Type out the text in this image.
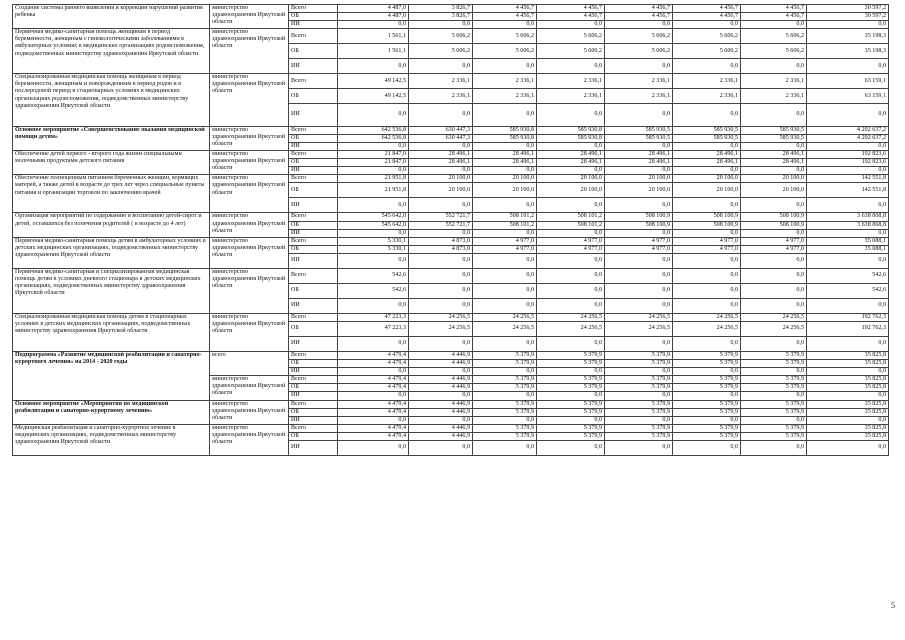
Создание системы раннего выявления и коррекции нарушений развития ребенка	министерство здравоохранения Иркутской области	Всего	4 487,0	3 826,7	4 456,7	4 456,7	4 456,7	4 456,7	4 456,7	30 597,2
		ОБ	4 487,0	3 826,7	4 456,7	4 456,7	4 456,7	4 456,7	4 456,7	30 597,2
		ИИ	0,0	0,0	0,0	0,0	0,0	0,0	0,0	0,0
Первичная медико-санитарная помощь женщинам в период беременности, женщинам с гинекологическими заболеваниями в амбулаторных условиях в медицинских организациях родовспоможения, подведомственных министерству здравоохранения Иркутской области	министерство здравоохранения Иркутской области	Всего	1 561,1	5 606,2	5 606,2	5 606,2	5 606,2	5 606,2	5 606,2	35 198,3
		ОБ	1 561,1	5 606,2	5 606,2	5 606,2	5 606,2	5 606,2	5 606,2	35 198,3
		ИИ	0,0	0,0	0,0	0,0	0,0	0,0	0,0	0,0
Специализированная медицинская помощь женщинам в период беременности, женщинам и новорожденным в период родов и в послеродовой период в стационарных условиях в медицинских организациях родовспоможения, подведомственных министерству здравоохранения Иркутской области	министерство здравоохранения Иркутской области	Всего	49 142,5	2 336,1	2 336,1	2 336,1	2 336,1	2 336,1	2 336,1	63 159,1
		ОБ	49 142,5	2 336,1	2 336,1	2 336,1	2 336,1	2 336,1	2 336,1	63 159,1
		ИИ	0,0	0,0	0,0	0,0	0,0	0,0	0,0	0,0
Основное мероприятие «Совершенствование оказания медицинской помощи детям»	министерство здравоохранения Иркутской области	Всего	642 536,8	630 447,3	585 930,8	585 930,8	585 930,5	585 930,5	585 930,5	4 202 637,2
		ОБ	642 536,8	630 447,3	585 930,8	585 930,8	585 930,5	585 930,5	585 930,5	4 202 637,2
		ИИ	0,0	0,0	0,0	0,0	0,0	0,0	0,0	0,0
Обеспечение детей первого - второго года жизни специальными молочными продуктами детского питания	министерство здравоохранения Иркутской области	Всего	21 847,0	28 496,1	28 496,1	28 496,1	28 496,1	28 496,1	28 496,1	192 823,6
		ОБ	21 847,0	28 496,1	28 496,1	28 496,1	28 496,1	28 496,1	28 496,1	192 823,6
		ИИ	0,0	0,0	0,0	0,0	0,0	0,0	0,0	0,0
Обеспечение полноценным питанием беременных женщин, кормящих матерей, а также детей в возрасте до трех лет через специальные пункты питания и организации торговли по заключению врачей	министерство здравоохранения Иркутской области	Всего	21 951,8	20 100,0	20 100,0	20 100,0	20 100,0	20 100,0	20 100,0	142 551,8
		ОБ	21 951,8	20 100,0	20 100,0	20 100,0	20 100,0	20 100,0	20 100,0	142 551,8
		ИИ	0,0	0,0	0,0	0,0	0,0	0,0	0,0	0,0
Организация мероприятий по содержанию и воспитанию детей-сирот и детей, оставшихся без попечения родителей ( в возрасте до 4 лет)	министерство здравоохранения Иркутской области	Всего	545 642,0	552 721,7	508 101,2	508 101,2	508 100,9	508 100,9	508 100,9	3 638 868,8
		ОБ	545 642,0	552 721,7	508 101,2	508 101,2	508 100,9	508 100,9	508 100,9	3 638 868,8
		ИИ	0,0	0,0	0,0	0,0	0,0	0,0	0,0	0,0
Первичная медико-санитарная помощь детям в амбулаторных условиях в детских медицинских организациях, подведомственных министерству здравоохранения Иркутской области	министерство здравоохранения Иркутской области	Всего	5 330,1	4 873,0	4 977,0	4 977,0	4 977,0	4 977,0	4 977,0	35 088,1
		ОБ	5 330,1	4 873,0	4 977,0	4 977,0	4 977,0	4 977,0	4 977,0	35 088,1
		ИИ	0,0	0,0	0,0	0,0	0,0	0,0	0,0	0,0
Первичная медико-санитарная и специализированная медицинская помощь детям в условиях дневного стационара в детских медицинских организациях, подведомственных министерству здравоохранения Иркутской области	министерство здравоохранения Иркутской области	Всего	542,6	0,0	0,0	0,0	0,0	0,0	0,0	542,6
		ОБ	542,6	0,0	0,0	0,0	0,0	0,0	0,0	542,6
		ИИ	0,0	0,0	0,0	0,0	0,0	0,0	0,0	0,0
Специализированная медицинская помощь детям в стационарных условиях в детских медицинских организациях, подведомственных министерству здравоохранения Иркутской области	министерство здравоохранения Иркутской области	Всего	47 223,3	24 256,5	24 256,5	24 256,5	24 256,5	24 256,5	24 256,5	192 762,3
		ОБ	47 223,3	24 256,5	24 256,5	24 256,5	24 256,5	24 256,5	24 256,5	192 762,3
		ИИ	0,0	0,0	0,0	0,0	0,0	0,0	0,0	0,0
Подпрограмма «Развитие медицинской реабилитации и санаторно-курортного лечения» на 2014 - 2020 годы	всего	Всего	4 479,4	4 446,9	5 379,9	5 379,9	5 379,9	5 379,9	5 379,9	35 825,8
		ОБ	4 479,4	4 446,9	5 379,9	5 379,9	5 379,9	5 379,9	5 379,9	35 825,8
		ИИ	0,0	0,0	0,0	0,0	0,0	0,0	0,0	0,0
	министерство здравоохранения Иркутской области	Всего	4 479,4	4 446,9	5 379,9	5 379,9	5 379,9	5 379,9	5 379,9	35 825,8
		ОБ	4 479,4	4 446,9	5 379,9	5 379,9	5 379,9	5 379,9	5 379,9	35 825,8
		ИИ	0,0	0,0	0,0	0,0	0,0	0,0	0,0	0,0
Основное мероприятие «Мероприятия по медицинской реабилитации и санаторно-курортному лечению»	министерство здравоохранения Иркутской области	Всего	4 479,4	4 446,9	5 379,9	5 379,9	5 379,9	5 379,9	5 379,9	35 825,8
		ОБ	4 479,4	4 446,9	5 379,9	5 379,9	5 379,9	5 379,9	5 379,9	35 825,8
		ИИ	0,0	0,0	0,0	0,0	0,0	0,0	0,0	0,0
Медицинская реабилитация и санаторно-курортное лечение в медицинских организациях, подведомственных министерству здравоохранения Иркутской области	министерство здравоохранения Иркутской области	Всего	4 479,4	4 446,9	5 379,9	5 379,9	5 379,9	5 379,9	5 379,9	35 825,8
		ОБ	4 479,4	4 446,9	5 379,9	5 379,9	5 379,9	5 379,9	5 379,9	35 825,8
		ИИ	0,0	0,0	0,0	0,0	0,0	0,0	0,0	0,0
5
